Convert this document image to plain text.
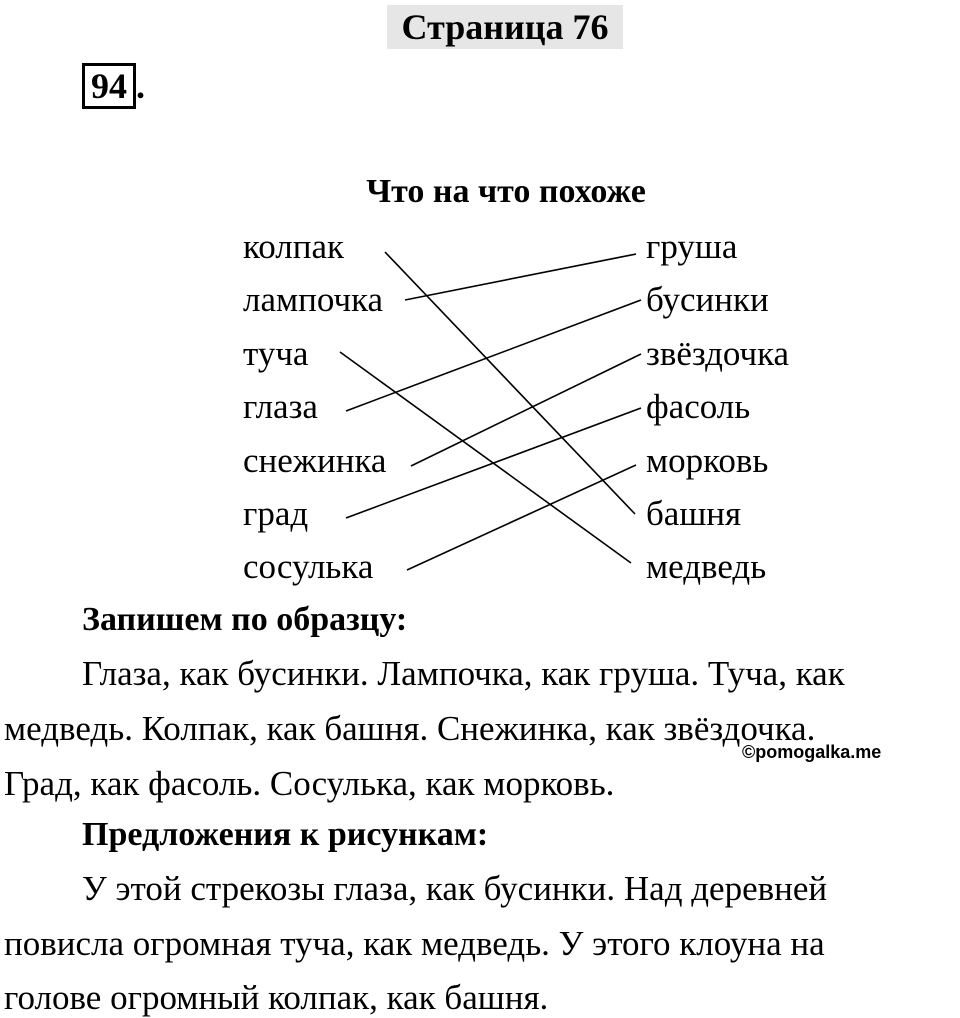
Страница 76
94 .
Что на что похоже
колпак
лампочка
туча
глаза
снежинка
град
сосулька
груша
бусинки
звёздочка
фасоль
морковь
башня
медведь
Запишем по образцу:
Глаза, как бусинки. Лампочка, как груша. Туча, как
медведь. Колпак, как башня. Снежинка, как звёздочка.
Град, как фасоль. Сосулька, как морковь.
©pomogalka.me
Предложения к рисункам:
У этой стрекозы глаза, как бусинки. Над деревней
повисла огромная туча, как медведь. У этого клоуна на
голове огромный колпак, как башня.
